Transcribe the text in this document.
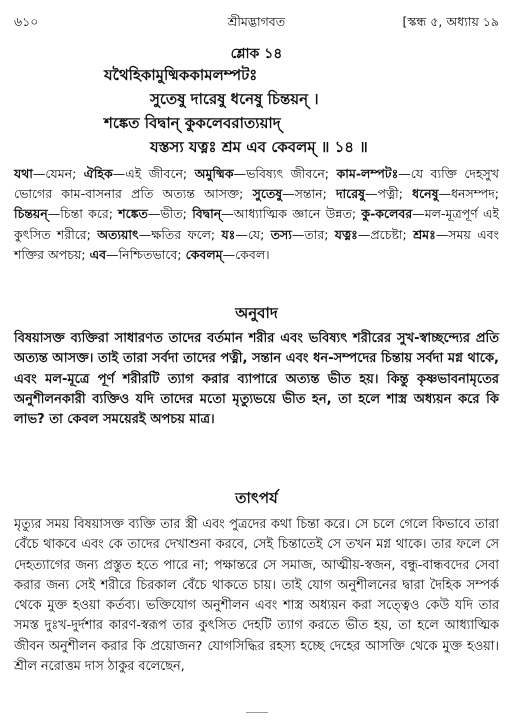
৬১০	শ্রীমদ্ভাগবত	[স্কন্ধ ৫, অধ্যায় ১৯
শ্লোক ১৪
যথৈহিকামুষ্মিককামলম্পটঃ
সুতেষু দারেষু ধনেষু চিন্তয়ন্ ।
শঙ্কেত বিদ্বান্ কুকলেবরাত্যয়াদ্
যস্তস্য যত্নঃ শ্রম এব কেবলম্ ॥ ১৪ ॥
যথা—যেমন; ঐহিক—এই জীবনে; অমুষ্মিক—ভবিষ্যৎ জীবনে; কাম-লম্পটঃ—যে ব্যক্তি দেহসুখ ভোগের কাম-বাসনার প্রতি অত্যন্ত আসক্ত; সুতেষু—সন্তান; দারেষু—পত্নী; ধনেষু—ধনসম্পদ; চিন্তয়ন্—চিন্তা করে; শঙ্কেত—ভীত; বিদ্বান্—আধ্যাত্মিক জ্ঞানে উন্নত; কু-কলেবর—মল-মূত্রপূর্ণ এই কুৎসিত শরীরে; অত্যয়াৎ—ক্ষতির ফলে; যঃ—যে; তস্য—তার; যত্নঃ—প্রচেষ্টা; শ্রমঃ—সময় এবং শক্তির অপচয়; এব—নিশ্চিতভাবে; কেবলম্—কেবল।
অনুবাদ
বিষয়াসক্ত ব্যক্তিরা সাধারণত তাদের বর্তমান শরীর এবং ভবিষ্যৎ শরীরের সুখ-স্বাচ্ছন্দ্যের প্রতি অত্যন্ত আসক্ত। তাই তারা সর্বদা তাদের পত্নী, সন্তান এবং ধন-সম্পদের চিন্তায় সর্বদা মগ্ন থাকে, এবং মল-মূত্রে পূর্ণ শরীরটি ত্যাগ করার ব্যাপারে অত্যন্ত ভীত হয়। কিন্তু কৃষ্ণভাবনামৃতের অনুশীলনকারী ব্যক্তিও যদি তাদের মতো মৃত্যুভয়ে ভীত হন, তা হলে শাস্ত্র অধ্যয়ন করে কি লাভ? তা কেবল সময়েরই অপচয় মাত্র।
তাৎপর্য
মৃত্যুর সময় বিষয়াসক্ত ব্যক্তি তার স্ত্রী এবং পুত্রদের কথা চিন্তা করে। সে চলে গেলে কিভাবে তারা বেঁচে থাকবে এবং কে তাদের দেখাশুনা করবে, সেই চিন্তাতেই সে তখন মগ্ন থাকে। তার ফলে সে দেহত্যাগের জন্য প্রস্তুত হতে পারে না; পক্ষান্তরে সে সমাজ, আত্মীয়-স্বজন, বন্ধু-বান্ধবদের সেবা করার জন্য সেই শরীরে চিরকাল বেঁচে থাকতে চায়। তাই যোগ অনুশীলনের দ্বারা দৈহিক সম্পর্ক থেকে মুক্ত হওয়া কর্তব্য। ভক্তিযোগ অনুশীলন এবং শাস্ত্র অধ্যয়ন করা সত্ত্বেও কেউ যদি তার সমস্ত দুঃখ-দুর্দশার কারণ-স্বরূপ তার কুৎসিত দেহটি ত্যাগ করতে ভীত হয়, তা হলে আধ্যাত্মিক জীবন অনুশীলন করার কি প্রয়োজন? যোগসিদ্ধির রহস্য হচ্ছে দেহের আসক্তি থেকে মুক্ত হওয়া। শ্রীল নরোত্তম দাস ঠাকুর বলেছেন,
